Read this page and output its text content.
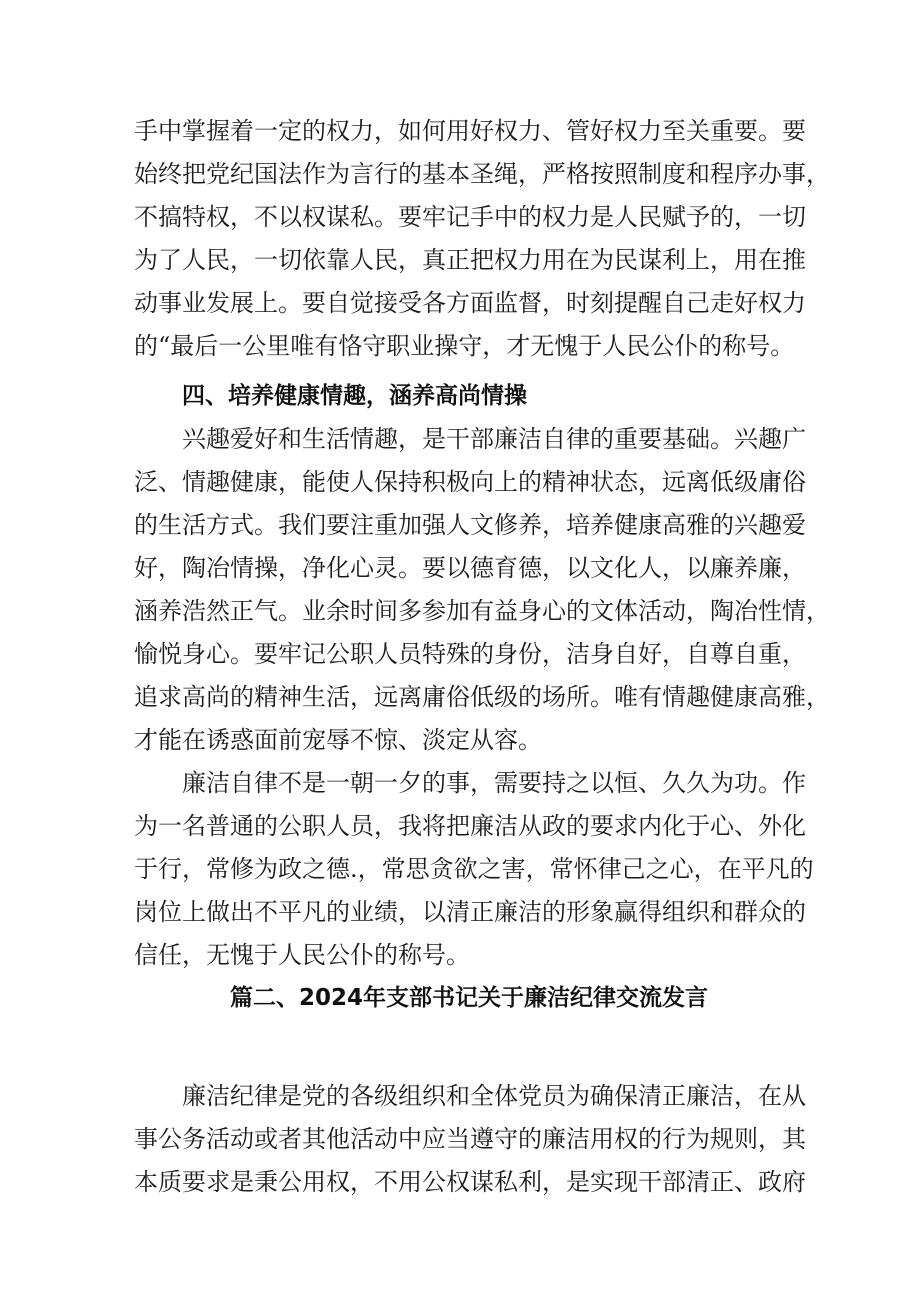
手中掌握着一定的权力，如何用好权力、管好权力至关重要。要
始终把党纪国法作为言行的基本圣绳，严格按照制度和程序办事，
不搞特权，不以权谋私。要牢记手中的权力是人民赋予的，一切
为了人民，一切依靠人民，真正把权力用在为民谋利上，用在推
动事业发展上。要自觉接受各方面监督，时刻提醒自己走好权力
的“最后一公里唯有恪守职业操守，才无愧于人民公仆的称号。
四、培养健康情趣，涵养高尚情操
兴趣爱好和生活情趣，是干部廉洁自律的重要基础。兴趣广
泛、情趣健康，能使人保持积极向上的精神状态，远离低级庸俗
的生活方式。我们要注重加强人文修养，培养健康高雅的兴趣爱
好，陶冶情操，净化心灵。要以德育德，以文化人，以廉养廉，
涵养浩然正气。业余时间多参加有益身心的文体活动，陶冶性情，
愉悦身心。要牢记公职人员特殊的身份，洁身自好，自尊自重，
追求高尚的精神生活，远离庸俗低级的场所。唯有情趣健康高雅，
才能在诱惑面前宠辱不惊、淡定从容。
廉洁自律不是一朝一夕的事，需要持之以恒、久久为功。作
为一名普通的公职人员，我将把廉洁从政的要求内化于心、外化
于行，常修为政之德.，常思贪欲之害，常怀律己之心，在平凡的
岗位上做出不平凡的业绩，以清正廉洁的形象赢得组织和群众的
信任，无愧于人民公仆的称号。
篇二、2024年支部书记关于廉洁纪律交流发言
廉洁纪律是党的各级组织和全体党员为确保清正廉洁，在从
事公务活动或者其他活动中应当遵守的廉洁用权的行为规则，其
本质要求是秉公用权，不用公权谋私利，是实现干部清正、政府
